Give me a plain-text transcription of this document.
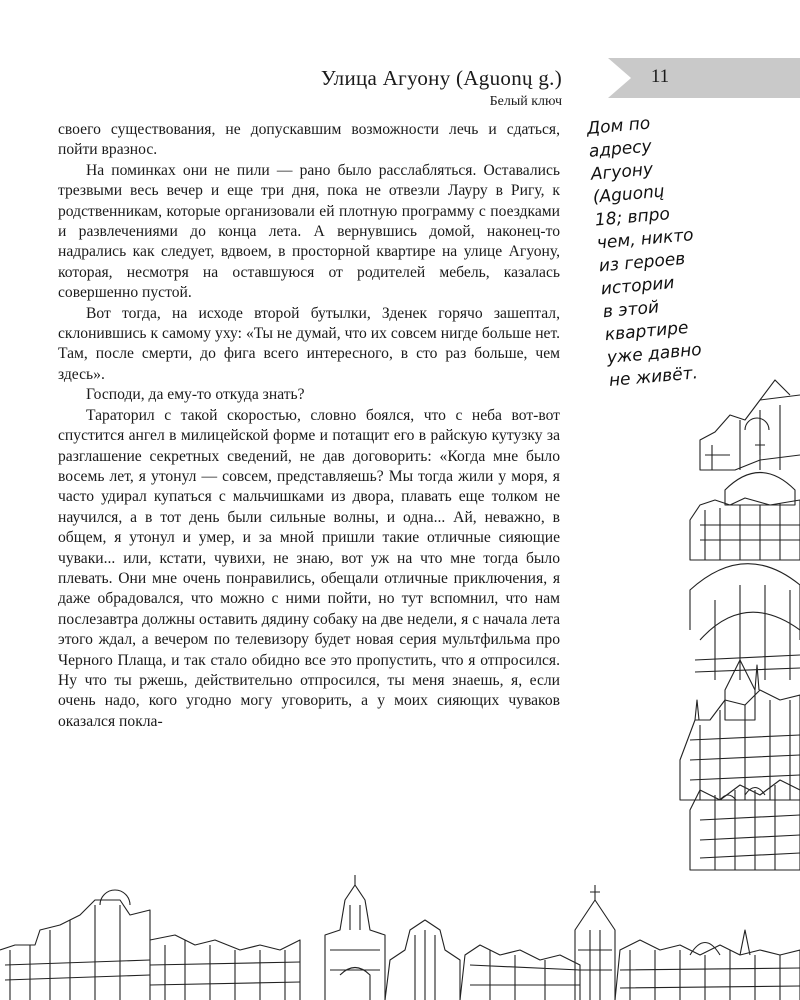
Улица Агуону (Aguonų g.)
Белый ключ
11

своего существования, не допускавшим возможности лечь и сдаться, пойти вразнос.

На поминках они не пили — рано было расслабляться. Оставались трезвыми весь вечер и еще три дня, пока не отвезли Лауру в Ригу, к родственникам, которые организовали ей плотную программу с поездками и развлечениями до конца лета. А вернувшись домой, наконец-то надрались как следует, вдвоем, в просторной квартире на улице Агуону, которая, несмотря на оставшуюся от родителей мебель, казалась совершенно пустой.

Вот тогда, на исходе второй бутылки, Зденек горячо зашептал, склонившись к самому уху: «Ты не думай, что их совсем нигде больше нет. Там, после смерти, до фига всего интересного, в сто раз больше, чем здесь».

Господи, да ему-то откуда знать?

Тараторил с такой скоростью, словно боялся, что с неба вот-вот спустится ангел в милицейской форме и потащит его в райскую кутузку за разглашение секретных сведений, не дав договорить: «Когда мне было восемь лет, я утонул — совсем, представляешь? Мы тогда жили у моря, я часто удирал купаться с мальчишками из двора, плавать еще толком не научился, а в тот день были сильные волны, и одна... Ай, неважно, в общем, я утонул и умер, и за мной пришли такие отличные сияющие чуваки... или, кстати, чувихи, не знаю, вот уж на что мне тогда было плевать. Они мне очень понравились, обещали отличные приключения, я даже обрадовался, что можно с ними пойти, но тут вспомнил, что нам послезавтра должны оставить дядину собаку на две недели, я с начала лета этого ждал, а вечером по телевизору будет новая серия мультфильма про Черного Плаща, и так стало обидно все это пропустить, что я отпросился. Ну что ты ржешь, действительно отпросился, ты меня знаешь, я, если очень надо, кого угодно могу уговорить, а у моих сияющих чуваков оказался покла-

Дом по
адресу
Агуону
(Aguonų
18; впро
чем, никто
из героев
истории
в этой
квартире
уже давно
не живёт.
